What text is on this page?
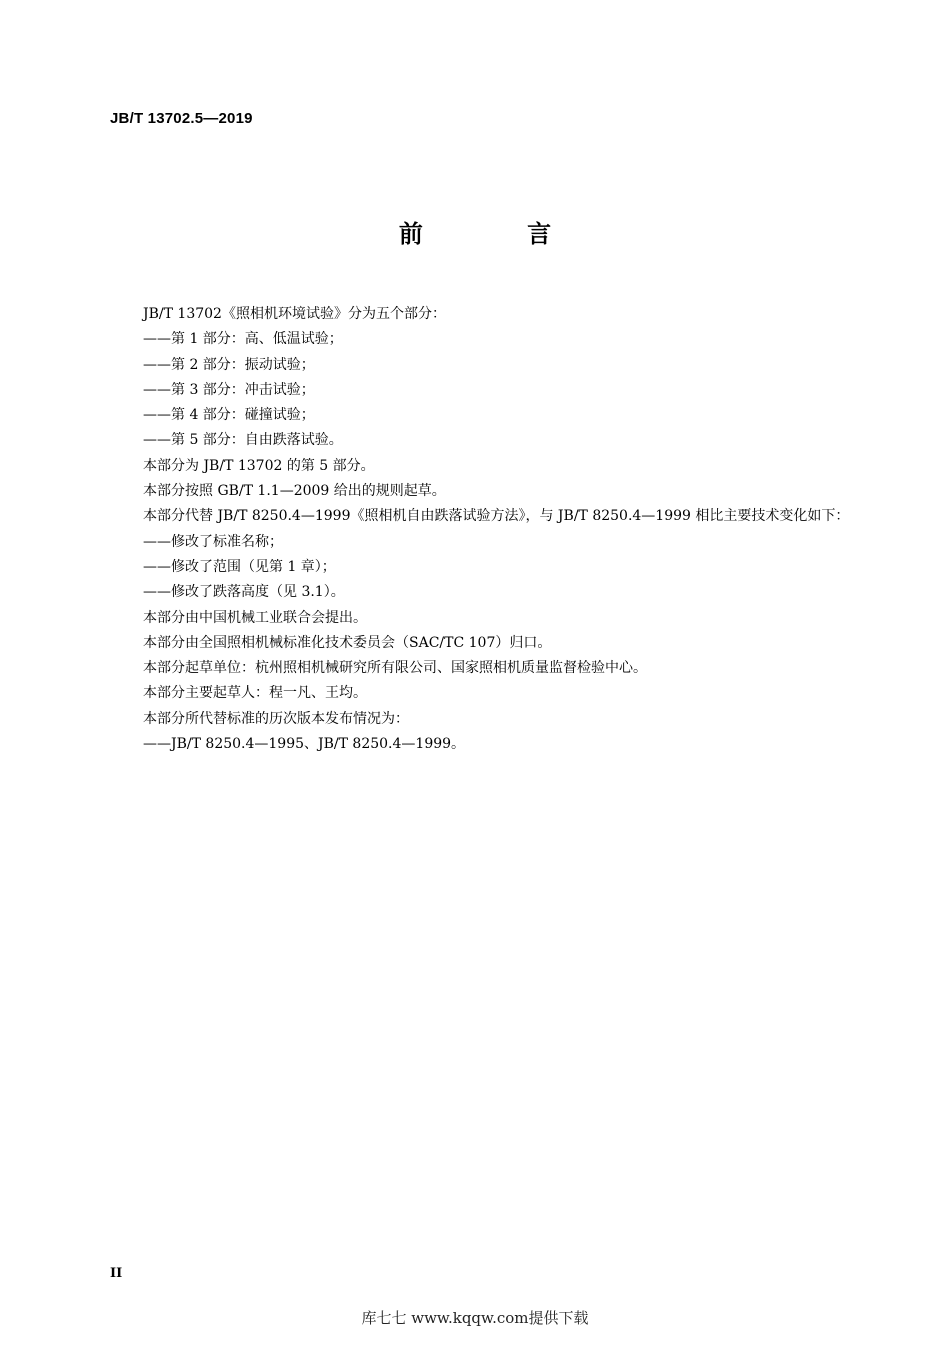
JB/T 13702.5—2019
前 言

JB/T 13702《照相机环境试验》分为五个部分：

——第 1 部分：高、低温试验；

——第 2 部分：振动试验；

——第 3 部分：冲击试验；

——第 4 部分：碰撞试验；

——第 5 部分：自由跌落试验。

本部分为 JB/T 13702 的第 5 部分。

本部分按照 GB/T 1.1—2009 给出的规则起草。

本部分代替 JB/T 8250.4—1999《照相机自由跌落试验方法》，与 JB/T 8250.4—1999 相比主要技术变化如下：

——修改了标准名称；

——修改了范围（见第 1 章）；

——修改了跌落高度（见 3.1）。

本部分由中国机械工业联合会提出。

本部分由全国照相机械标准化技术委员会（SAC/TC 107）归口。

本部分起草单位：杭州照相机械研究所有限公司、国家照相机质量监督检验中心。

本部分主要起草人：程一凡、王均。

本部分所代替标准的历次版本发布情况为：

——JB/T 8250.4—1995、JB/T 8250.4—1999。

II
库七七 www.kqqw.com提供下载
